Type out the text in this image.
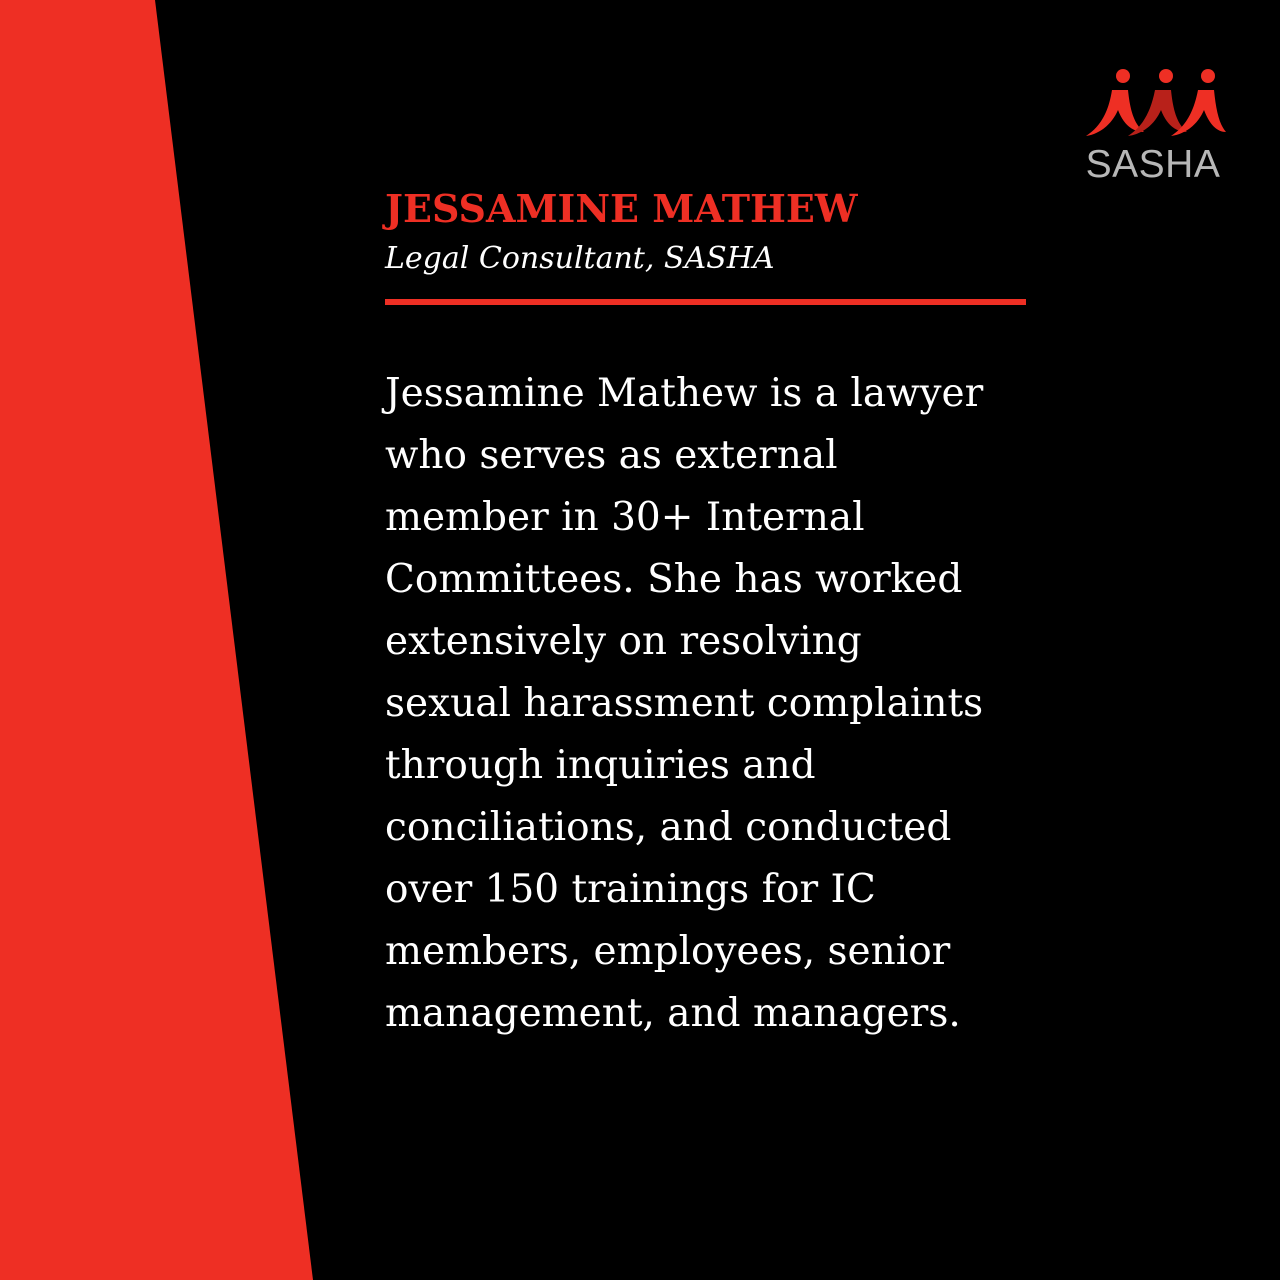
SASHA
JESSAMINE MATHEW
Legal Consultant, SASHA
Jessamine Mathew is a lawyer
who serves as external
member in 30+ Internal
Committees. She has worked
extensively on resolving
sexual harassment complaints
through inquiries and
conciliations, and conducted
over 150 trainings for IC
members, employees, senior
management, and managers.
